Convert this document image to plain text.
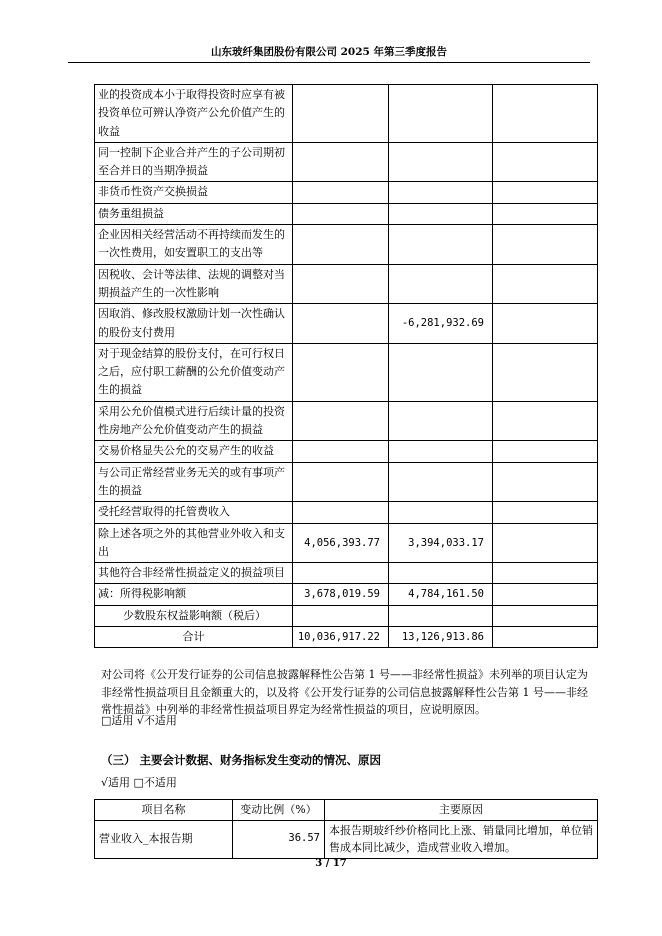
山东玻纤集团股份有限公司 2025 年第三季度报告
业的投资成本小于取得投资时应享有被投资单位可辨认净资产公允价值产生的收益			
同一控制下企业合并产生的子公司期初至合并日的当期净损益			
非货币性资产交换损益			
债务重组损益			
企业因相关经营活动不再持续而发生的一次性费用，如安置职工的支出等			
因税收、会计等法律、法规的调整对当期损益产生的一次性影响			
因取消、修改股权激励计划一次性确认的股份支付费用		-6,281,932.69	
对于现金结算的股份支付，在可行权日之后，应付职工薪酬的公允价值变动产生的损益			
采用公允价值模式进行后续计量的投资性房地产公允价值变动产生的损益			
交易价格显失公允的交易产生的收益			
与公司正常经营业务无关的或有事项产生的损益			
受托经营取得的托管费收入			
除上述各项之外的其他营业外收入和支出	4,056,393.77	3,394,033.17	
其他符合非经常性损益定义的损益项目			
减：所得税影响额	3,678,019.59	4,784,161.50	
少数股东权益影响额（税后）			
合计	10,036,917.22	13,126,913.86	
对公司将《公开发行证券的公司信息披露解释性公告第 1 号——非经常性损益》未列举的项目认定为非经常性损益项目且金额重大的，以及将《公开发行证券的公司信息披露解释性公告第 1 号——非经常性损益》中列举的非经常性损益项目界定为经常性损益的项目，应说明原因。
□适用 √不适用
（三） 主要会计数据、财务指标发生变动的情况、原因
√适用 □不适用
项目名称	变动比例（%）	主要原因
营业收入_本报告期	36.57	本报告期玻纤纱价格同比上涨、销量同比增加，单位销售成本同比减少，造成营业收入增加。
3 / 17
